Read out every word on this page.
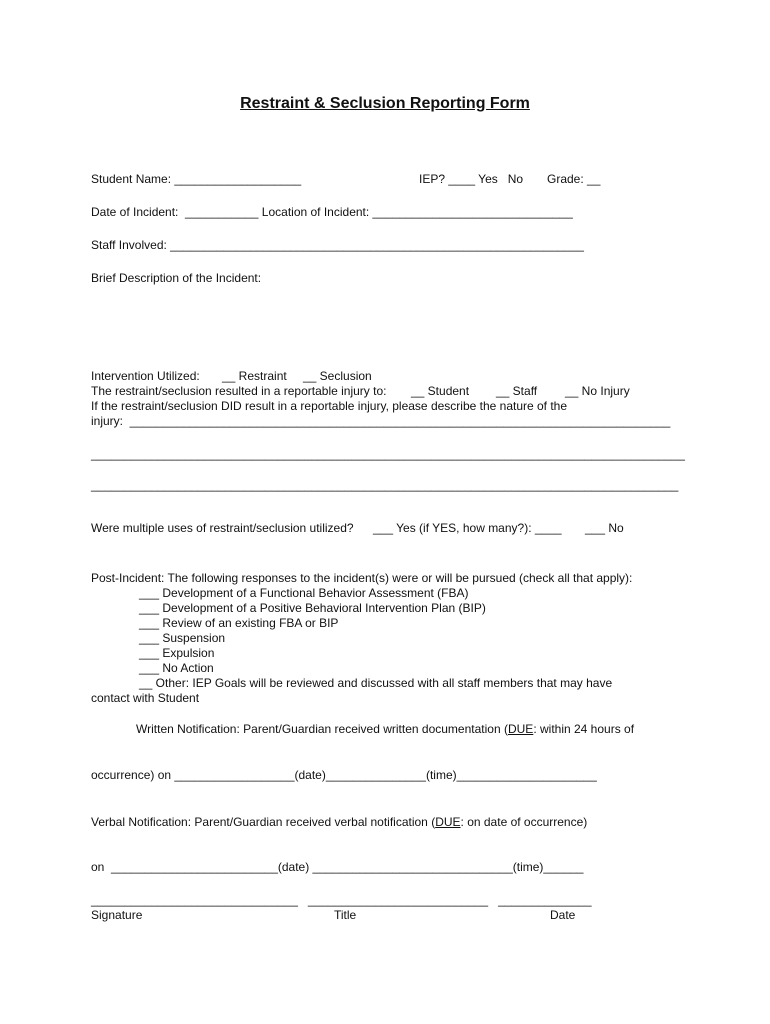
Restraint & Seclusion Reporting Form
Student Name: ___________________	IEP? ____ Yes   No Grade: __
Date of Incident:  ___________ Location of Incident: ______________________________
Staff Involved: ______________________________________________________________
Brief Description of the Incident:
Intervention Utilized: __ Restraint __ Seclusion
The restraint/seclusion resulted in a reportable injury to: __ Student __ Staff __ No Injury
If the restraint/seclusion DID result in a reportable injury, please describe the nature of the
injury:  _________________________________________________________________________________
_________________________________________________________________________________________
________________________________________________________________________________________
Were multiple uses of restraint/seclusion utilized? ___ Yes (if YES, how many?): ____ ___ No
Post-Incident: The following responses to the incident(s) were or will be pursued (check all that apply):
___ Development of a Functional Behavior Assessment (FBA)
___ Development of a Positive Behavioral Intervention Plan (BIP)
___ Review of an existing FBA or BIP
___ Suspension
___ Expulsion
___ No Action
__ Other: IEP Goals will be reviewed and discussed with all staff members that may have
contact with Student
Written Notification: Parent/Guardian received written documentation (DUE: within 24 hours of
occurrence) on __________________(date)_______________(time)_____________________
Verbal Notification: Parent/Guardian received verbal notification (DUE: on date of occurrence)
on  _________________________(date) ______________________________(time)______
_______________________________   ___________________________   ______________
Signature	Title	Date
